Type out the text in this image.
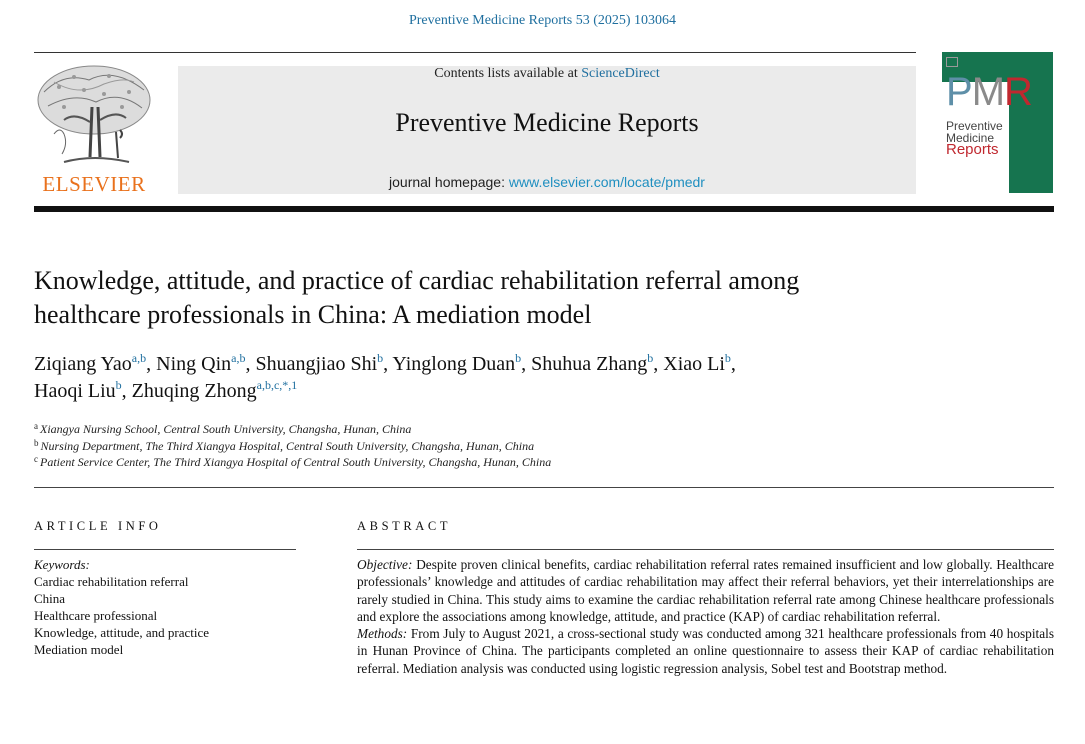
Preventive Medicine Reports 53 (2025) 103064
ELSEVIER
Contents lists available at ScienceDirect
Preventive Medicine Reports
journal homepage: www.elsevier.com/locate/pmedr
PMR
Preventive
Medicine
Reports
Knowledge, attitude, and practice of cardiac rehabilitation referral among
healthcare professionals in China: A mediation model
Ziqiang Yao$^{a,b}$, Ning Qin$^{a,b}$, Shuangjiao Shi$^b$, Yinglong Duan$^b$, Shuhua Zhang$^b$, Xiao Li$^b$,
Haoqi Liu$^b$, Zhuqing Zhong$^{a,b,c,*,1}$
$^a$ Xiangya Nursing School, Central South University, Changsha, Hunan, China
$^b$ Nursing Department, The Third Xiangya Hospital, Central South University, Changsha, Hunan, China
$^c$ Patient Service Center, The Third Xiangya Hospital of Central South University, Changsha, Hunan, China
ARTICLE INFO	ABSTRACT
Keywords:
Cardiac rehabilitation referral
China
Healthcare professional
Knowledge, attitude, and practice
Mediation model

Objective: Despite proven clinical benefits, cardiac rehabilitation referral rates remained insufficient and low globally. Healthcare professionals’ knowledge and attitudes of cardiac rehabilitation may affect their referral behaviors, yet their interrelationships are rarely studied in China. This study aims to examine the cardiac rehabilitation referral rate among Chinese healthcare professionals and explore the associations among knowledge, attitude, and practice (KAP) of cardiac rehabilitation referral.

Methods: From July to August 2021, a cross-sectional study was conducted among 321 healthcare professionals from 40 hospitals in Hunan Province of China. The participants completed an online questionnaire to assess their KAP of cardiac rehabilitation referral. Mediation analysis was conducted using logistic regression analysis, Sobel test and Bootstrap method.
